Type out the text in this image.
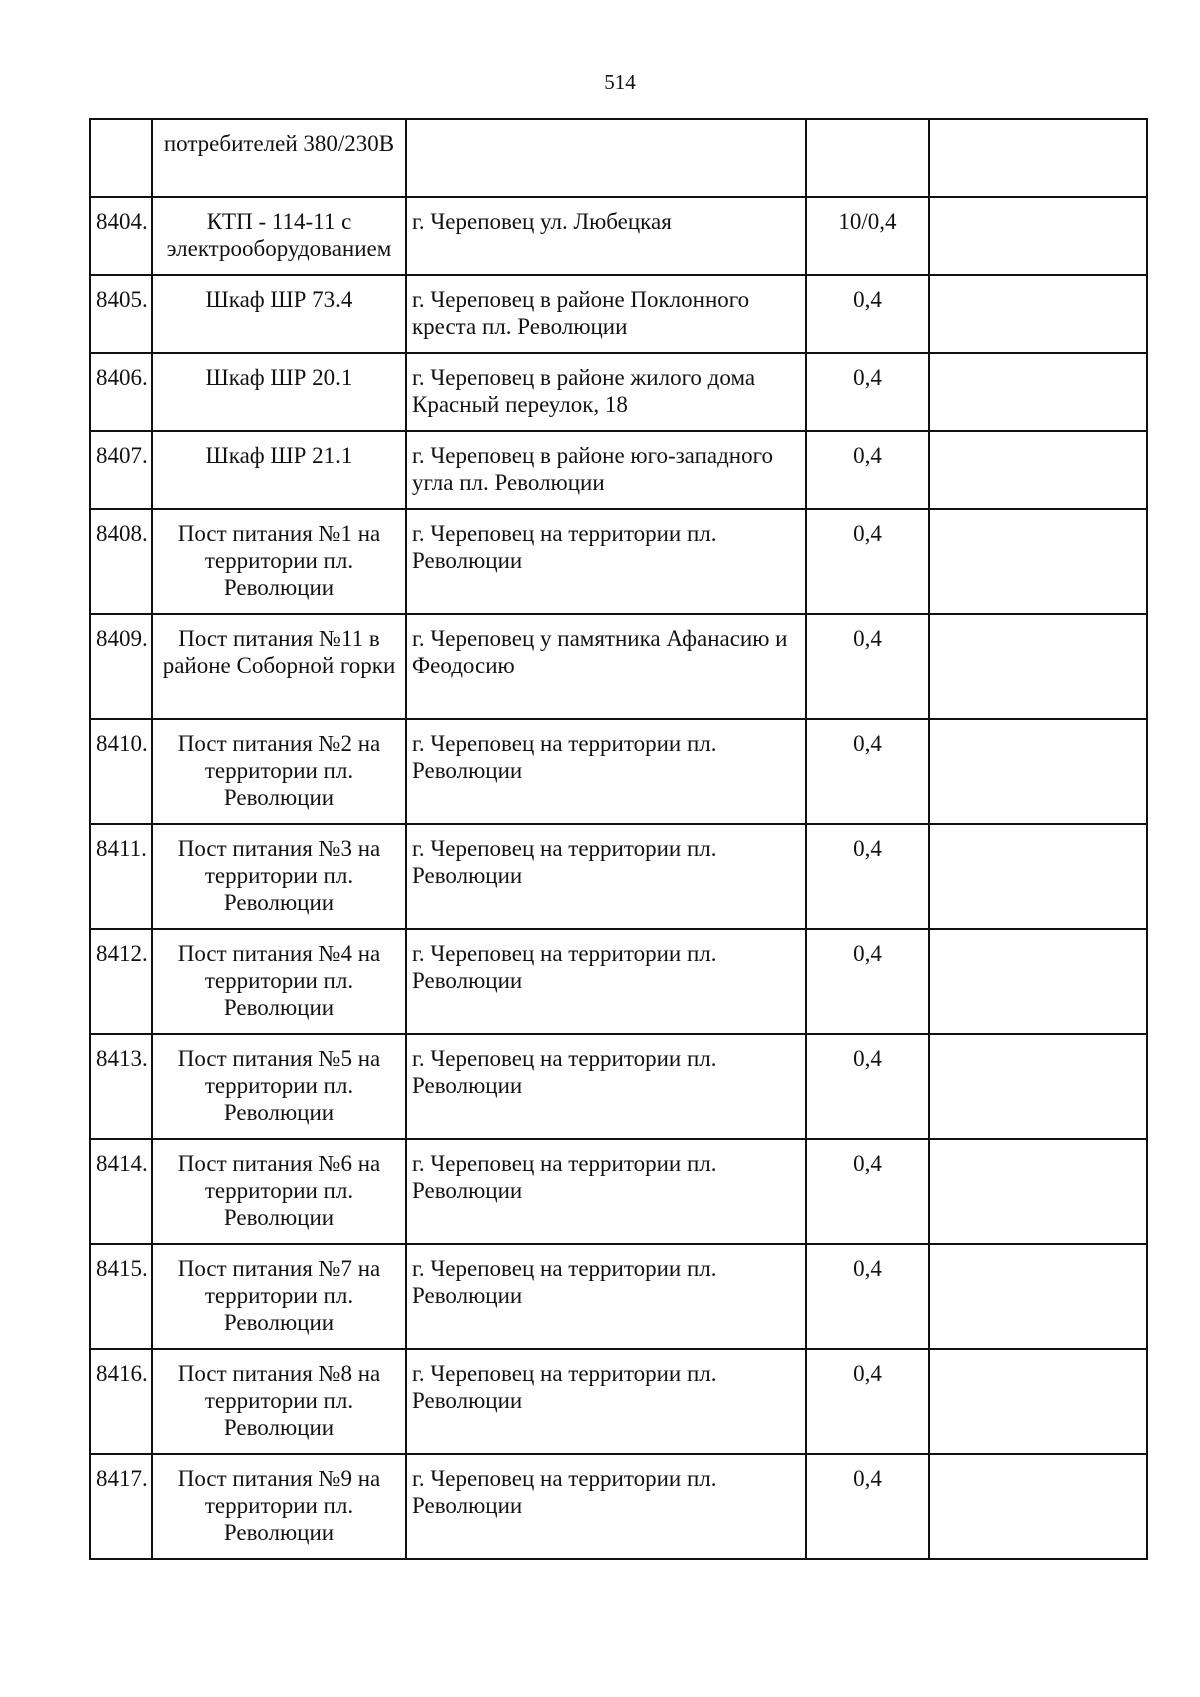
514
	потребителей 380/230В			
8404.	КТП - 114-11 с электрооборудованием	г. Череповец ул. Любецкая	10/0,4	
8405.	Шкаф ШР 73.4	г. Череповец в районе Поклонного креста пл. Революции	0,4	
8406.	Шкаф ШР 20.1	г. Череповец в районе жилого дома Красный переулок, 18	0,4	
8407.	Шкаф ШР 21.1	г. Череповец в районе юго-западного угла пл. Революции	0,4	
8408.	Пост питания №1 на территории пл. Революции	г. Череповец на территории пл. Революции	0,4	
8409.	Пост питания №11 в районе Соборной горки	г. Череповец у памятника Афанасию и Феодосию	0,4	
8410.	Пост питания №2 на территории пл. Революции	г. Череповец на территории пл. Революции	0,4	
8411.	Пост питания №3 на территории пл. Революции	г. Череповец на территории пл. Революции	0,4	
8412.	Пост питания №4 на территории пл. Революции	г. Череповец на территории пл. Революции	0,4	
8413.	Пост питания №5 на территории пл. Революции	г. Череповец на территории пл. Революции	0,4	
8414.	Пост питания №6 на территории пл. Революции	г. Череповец на территории пл. Революции	0,4	
8415.	Пост питания №7 на территории пл. Революции	г. Череповец на территории пл. Революции	0,4	
8416.	Пост питания №8 на территории пл. Революции	г. Череповец на территории пл. Революции	0,4	
8417.	Пост питания №9 на территории пл. Революции	г. Череповец на территории пл. Революции	0,4	
